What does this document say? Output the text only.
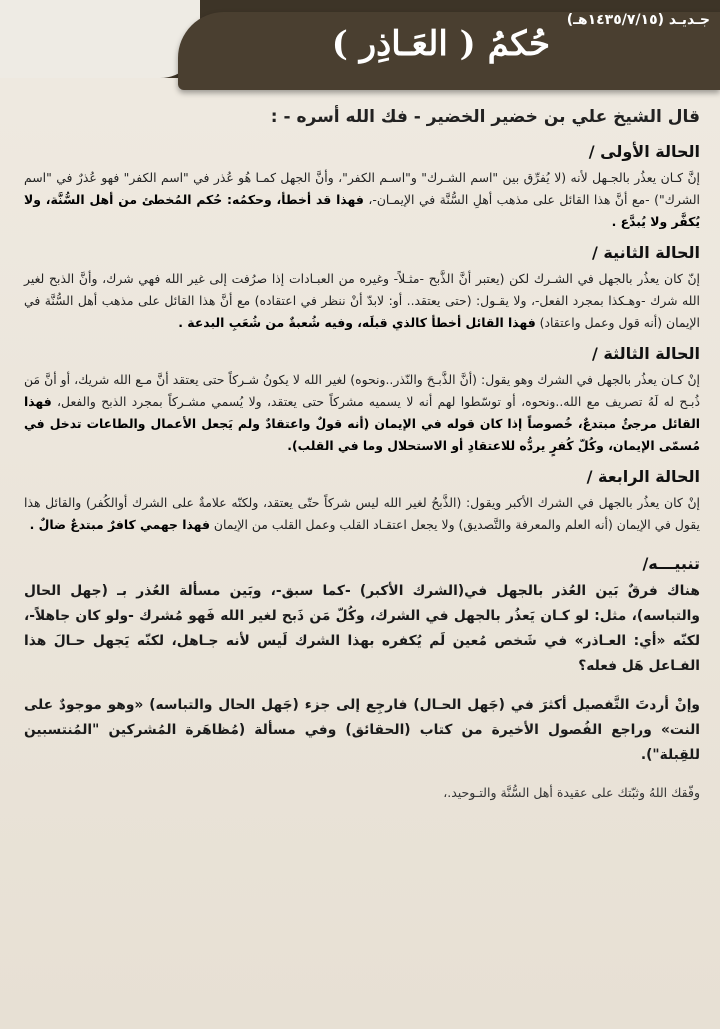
حُكمُ ( العَـاذِر )
جـديـد (١٤٣٥/٧/١٥هـ)
قال الشيخ علي بن خضير الخضير - فك الله أسره - :
الحالة الأولى /

إنَّ كـان يعذُر بالجـهل لأنه (لا يُفرِّق بين "اسم الشـرك" و"اسـم الكفر"، وأنَّ الجهل كمـا هُو عُذر في "اسم الكفر" فهو عُذرٌ في "اسم الشرك") -مع أنَّ هذا القائل على مذهب أهلِ السُّنَّة في الإيمـان-، فهذا قد أخطأ، وحكمُه: حُكم المُخطئ من أهل السُّنَّة، ولا يُكفَّر ولا يُبدَّع .

الحالة الثانية /

إنّ كان يعذُر بالجهل في الشـرك لكن (يعتبر أنَّ الذَّبح -مثـلاً- وغيره من العبـادات إذا صرُفت إلى غير الله فهي شرك، وأنَّ الذبح لغير الله شرك -وهـكذا بمجرد الفعل-، ولا يقـول: (حتى يعتقد.. أو: لابدّ أنْ ننظر في اعتقاده) مع أنَّ هذا القائل على مذهب أهل السُّنَّة في الإيمان (أنه قول وعمل واعتقاد) فهذا القائل أخطأ كالذي قبلَه، وفيه شُعبةٌ من شُعَبِ البدعة .

الحالة الثالثة /

إنْ كـان يعذُر بالجهل في الشرك وهو يقول: (أنَّ الذَّبـحَ والنّذر..ونحوه) لغير الله لا يكونُ شـركاً حتى يعتقد أنَّ مـع الله شريك، أو أنَّ مَن ذُبـح له لَهُ تصريف مع الله..ونحوه، أو توسّطوا لهم أنه لا يسميه مشركاً حتى يعتقد، ولا يُسمي مشـركاً بمجرد الذبح والفعل، فهذا القائل مرجئٌ مبتدعٌ، خُصوصاً إذا كان قوله في الإيمان (أنه قولٌ واعتقادٌ ولم يَجعل الأعمال والطاعات تدخل في مُسمّى الإيمان، وكُلّ كُفرٍ يردُّه للاعتقادِ أو الاستحلال وما في القلب).

الحالة الرابعة /

إنْ كان يعذُر بالجهل في الشرك الأكبر ويقول: (الذَّبحُ لغير الله ليس شركاً حتّى يعتقد، ولكنّه علامةٌ على الشرك أوالكُفر) والقائل هذا يقول في الإيمان (أنه العلم والمعرفة والتَّصديق) ولا يجعل اعتقـاد القلب وعمل القلب من الإيمان فهذا جهمي كافرٌ مبتدعٌ ضالٌ .

تنبيـــه/

هناك فرقٌ بَين العُذر بالجهل في(الشرك الأكبر) -كما سبق-، وبَين مسألة العُذر بـ (جهل الحال والتباسه)، مثل: لو كـان يَعذُر بالجهل في الشرك، وكُلّ مَن ذَبح لغير الله فَهو مُشرك -ولو كان جاهلاً-، لكنّه «أي: العـاذر» في شَخص مُعين لَم يُكفره بهذا الشرك لَيس لأنه جـاهل، لكنّه يَجهل حـالَ هذا الفـاعل هَل فعله؟

وإنْ أردتَ التَّفصيل أكثرَ في (جَهل الحـال) فارجِع إلى جزء (جَهل الحال والتباسه) «وهو موجودٌ على النت» وراجع الفُصول الأخيرة من كتاب (الحقائق) وفي مسألة (مُظاهَرة المُشركين "المُنتسبين للقِبلة").

وفّقك اللهُ وثبّتك على عقيدة أهل السُّنَّة والتـوحيد.،
